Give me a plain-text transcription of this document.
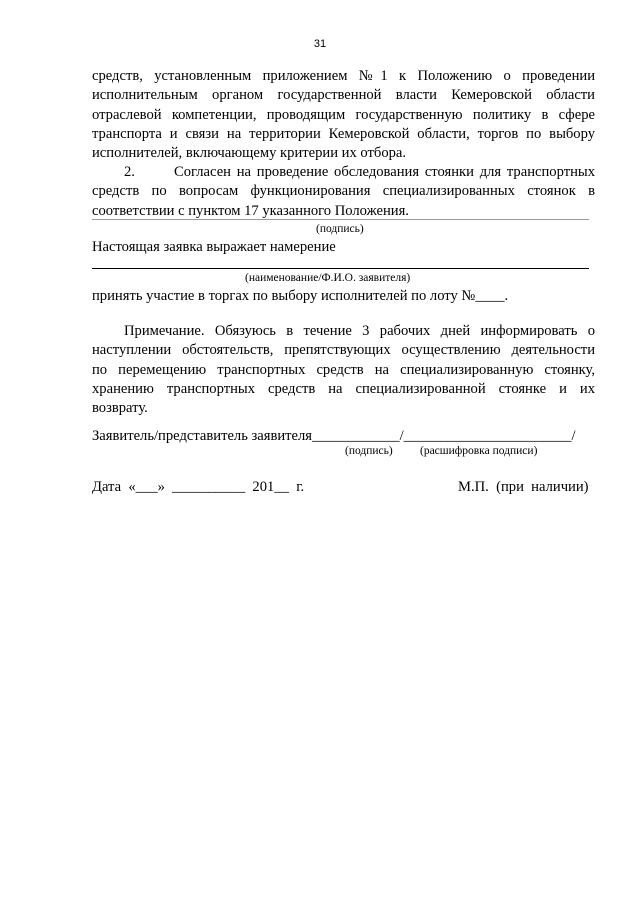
31
средств, установленным приложением №1 к Положению о проведении
исполнительным органом государственной власти Кемеровской области
отраслевой компетенции, проводящим государственную политику в сфере
транспорта и связи на территории Кемеровской области, торгов по выбору
исполнителей, включающему критерии их отбора.
2.	Согласен на проведение обследования стоянки для транспортных
средств по вопросам функционирования специализированных стоянок в
соответствии с пунктом 17 указанного Положения.
(подпись)
Настоящая заявка выражает намерение
(наименование/Ф.И.О. заявителя)
принять участие в торгах по выбору исполнителей по лоту №____.
Примечание. Обязуюсь в течение 3 рабочих дней информировать о
наступлении обстоятельств, препятствующих осуществлению деятельности
по перемещению транспортных средств на специализированную стоянку,
хранению транспортных средств на специализированной стоянке и их
возврату.
Заявитель/представитель заявителя____________/_______________________/
(подпись) (расшифровка подписи)
Дата  «___»  __________  201__  г.	М.П.  (при  наличии)
